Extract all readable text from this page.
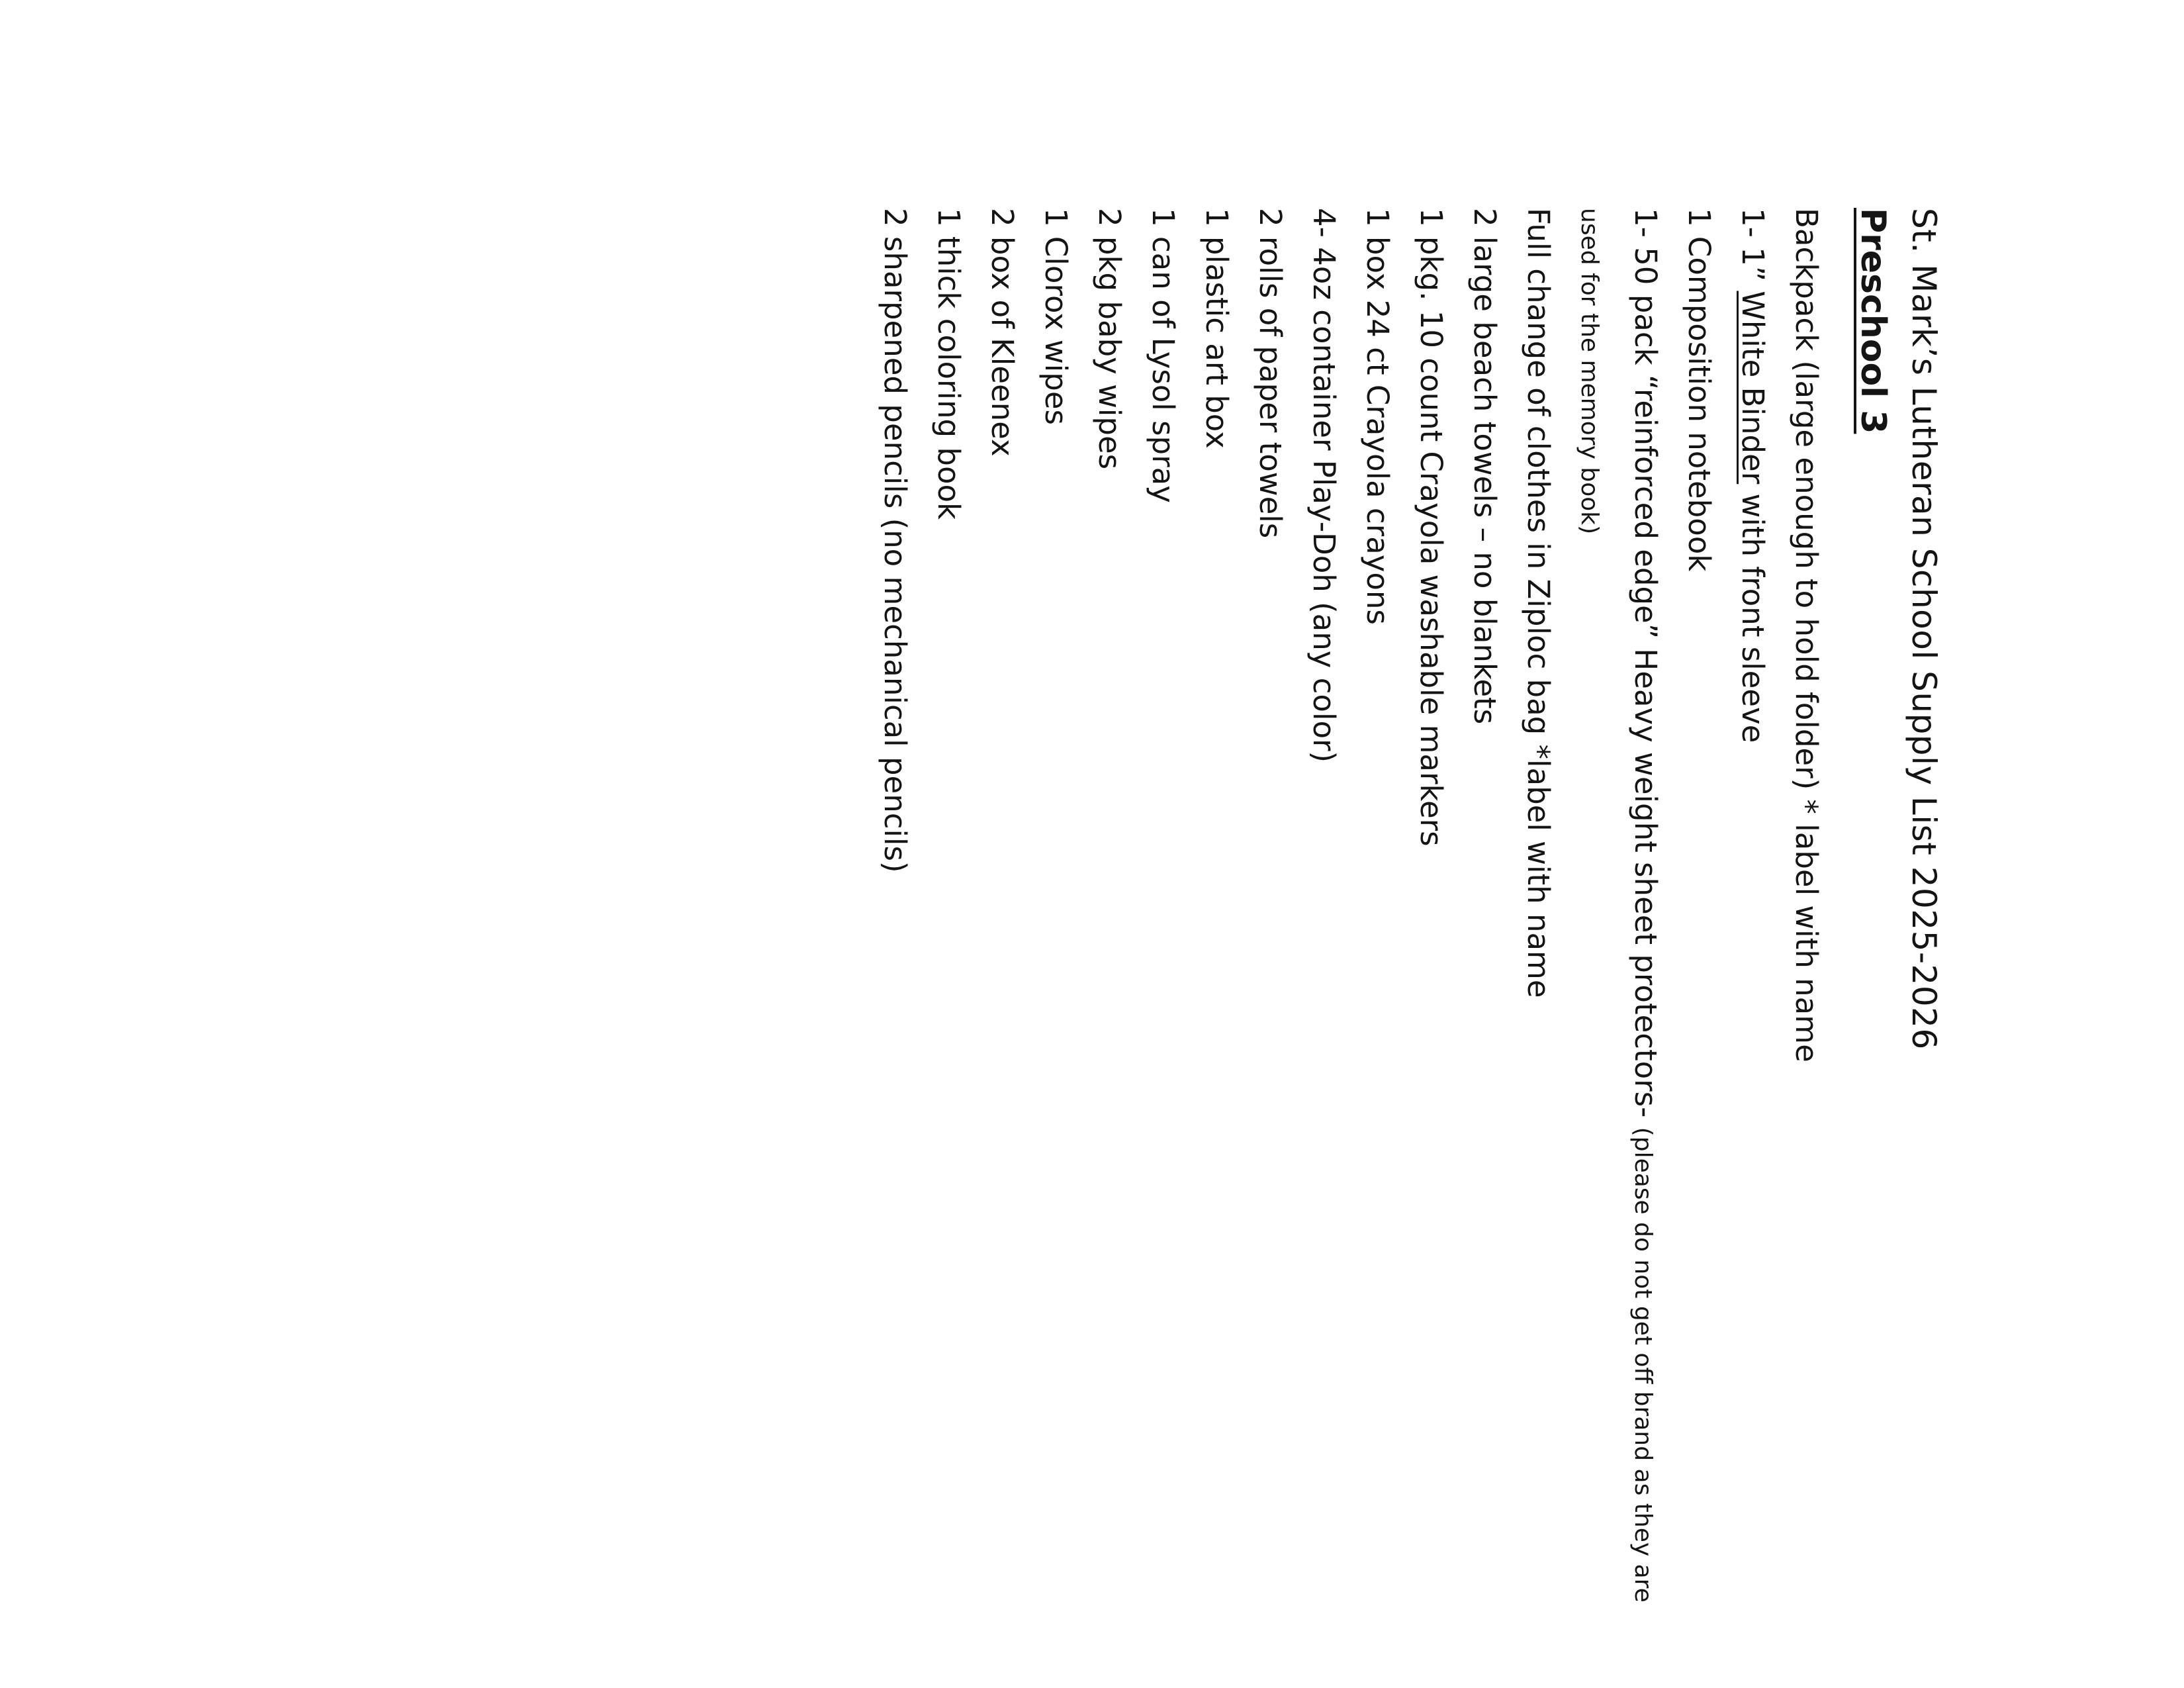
St. Mark’s Lutheran School Supply List 2025-2026
Preschool 3
Backpack (large enough to hold folder) * label with name
1- 1” White Binder with front sleeve
1 Composition notebook
1- 50 pack “reinforced edge” Heavy weight sheet protectors- (please do not get off brand as they are used for the memory book)
Full change of clothes in Ziploc bag *label with name
2 large beach towels – no blankets
1 pkg. 10 count Crayola washable markers
1 box 24 ct Crayola crayons
4- 4oz container Play-Doh (any color)
2 rolls of paper towels
1 plastic art box
1 can of Lysol spray
2 pkg baby wipes
1 Clorox wipes
2 box of Kleenex
1 thick coloring book
2 sharpened pencils (no mechanical pencils)
